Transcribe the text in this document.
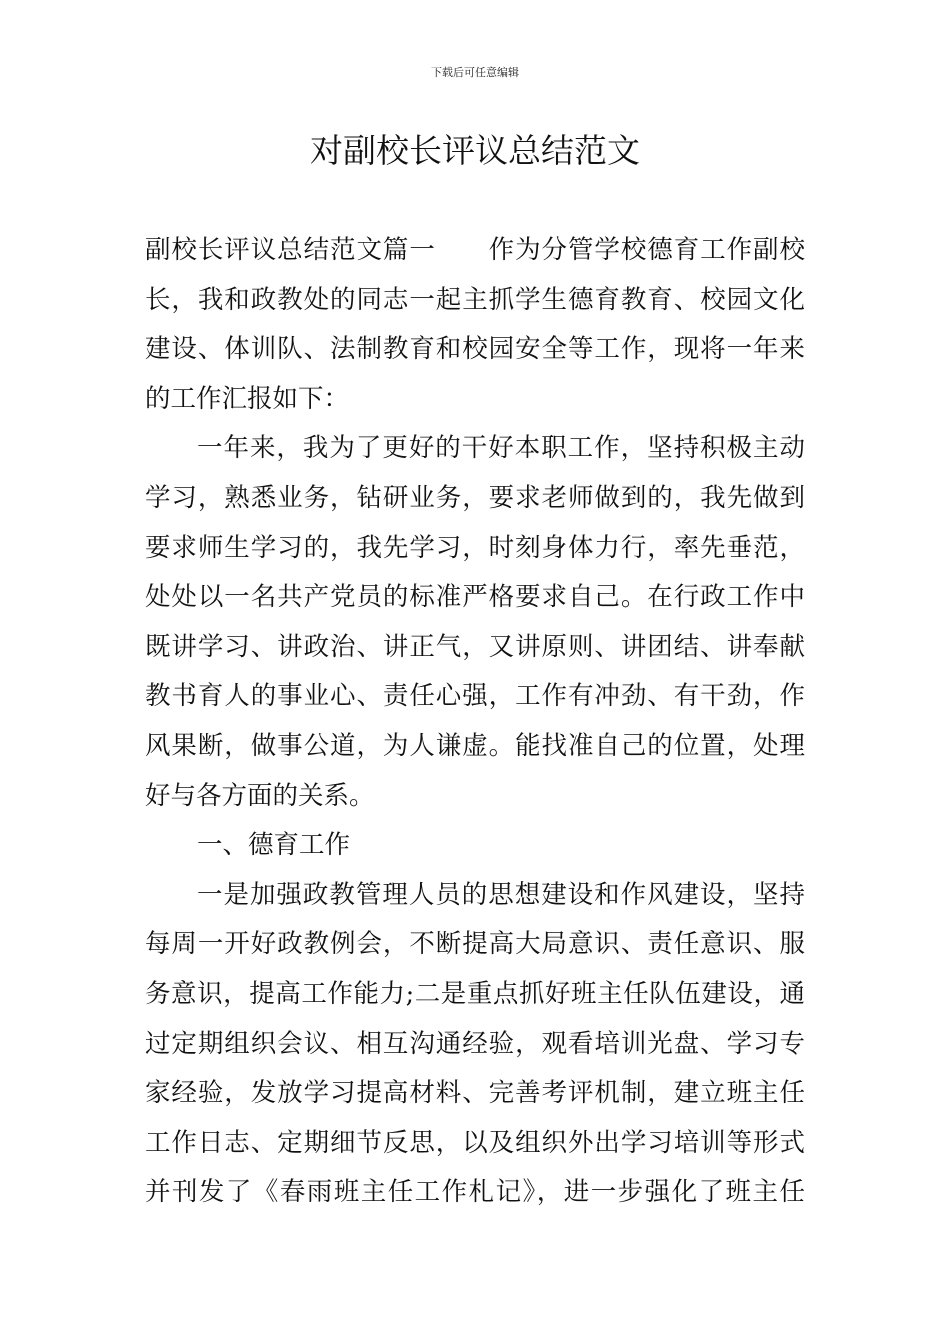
下载后可任意编辑
对副校长评议总结范文
副校长评议总结范文篇一　　作为分管学校德育工作副校
长，我和政教处的同志一起主抓学生德育教育、校园文化
建设、体训队、法制教育和校园安全等工作，现将一年来
的工作汇报如下：
一年来，我为了更好的干好本职工作，坚持积极主动
学习，熟悉业务，钻研业务，要求老师做到的，我先做到
要求师生学习的，我先学习，时刻身体力行，率先垂范，
处处以一名共产党员的标准严格要求自己。在行政工作中
既讲学习、讲政治、讲正气，又讲原则、讲团结、讲奉献
教书育人的事业心、责任心强，工作有冲劲、有干劲，作
风果断，做事公道，为人谦虚。能找准自己的位置，处理
好与各方面的关系。
一、德育工作
一是加强政教管理人员的思想建设和作风建设，坚持
每周一开好政教例会，不断提高大局意识、责任意识、服
务意识，提高工作能力;二是重点抓好班主任队伍建设，通
过定期组织会议、相互沟通经验，观看培训光盘、学习专
家经验，发放学习提高材料、完善考评机制，建立班主任
工作日志、定期细节反思，以及组织外出学习培训等形式
并刊发了《春雨班主任工作札记》，进一步强化了班主任
